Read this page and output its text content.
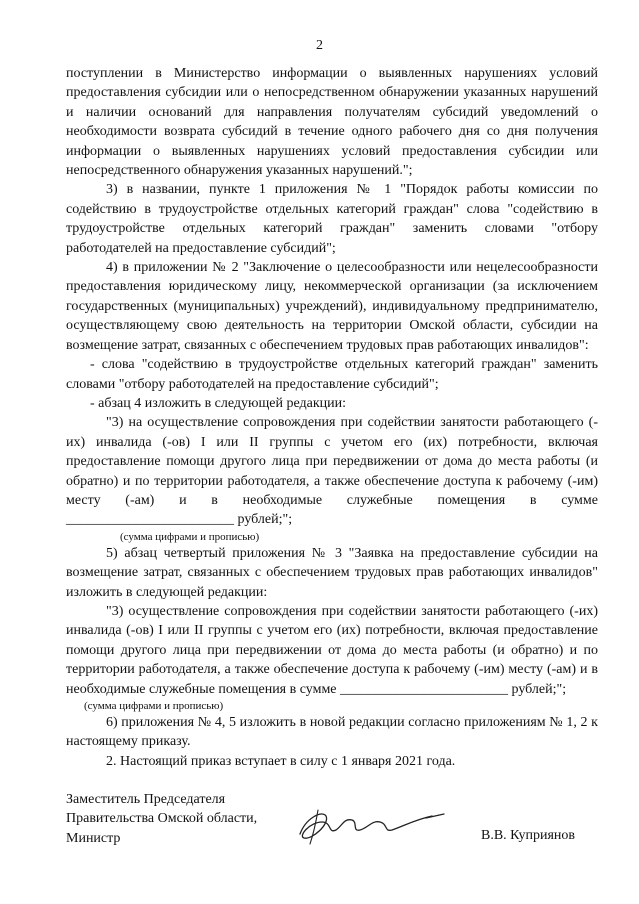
2

поступлении в Министерство информации о выявленных нарушениях условий предоставления субсидии или о непосредственном обнаружении указанных нарушений и наличии оснований для направления получателям субсидий уведомлений о необходимости возврата субсидий в течение одного рабочего дня со дня получения информации о выявленных нарушениях условий предоставления субсидии или непосредственного обнаружения указанных нарушений.";

3) в названии, пункте 1 приложения № 1 "Порядок работы комиссии по содействию в трудоустройстве отдельных категорий граждан" слова "содействию в трудоустройстве отдельных категорий граждан" заменить словами "отбору работодателей на предоставление субсидий";

4) в приложении № 2 "Заключение о целесообразности или нецелесообразности предоставления юридическому лицу, некоммерческой организации (за исключением государственных (муниципальных) учреждений), индивидуальному предпринимателю, осуществляющему свою деятельность на территории Омской области, субсидии на возмещение затрат, связанных с обеспечением трудовых прав работающих инвалидов":

- слова "содействию в трудоустройстве отдельных категорий граждан" заменить словами "отбору работодателей на предоставление субсидий";

- абзац 4 изложить в следующей редакции:

"3) на осуществление сопровождения при содействии занятости работающего (-их) инвалида (-ов) I или II группы с учетом его (их) потребности, включая предоставление помощи другого лица при передвижении от дома до места работы (и обратно) и по территории работодателя, а также обеспечение доступа к рабочему (-им) месту (-ам) и в необходимые служебные помещения в сумме ________________________ рублей;";

(сумма цифрами и прописью)

5) абзац четвертый приложения № 3 "Заявка на предоставление субсидии на возмещение затрат, связанных с обеспечением трудовых прав работающих инвалидов" изложить в следующей редакции:

"3) осуществление сопровождения при содействии занятости работающего (-их) инвалида (-ов) I или II группы с учетом его (их) потребности, включая предоставление помощи другого лица при передвижении от дома до места работы (и обратно) и по территории работодателя, а также обеспечение доступа к рабочему (-им) месту (-ам) и в необходимые служебные помещения в сумме ________________________ рублей;";

(сумма цифрами и прописью)

6) приложения № 4, 5 изложить в новой редакции согласно приложениям № 1, 2 к настоящему приказу.

2. Настоящий приказ вступает в силу с 1 января 2021 года.

Заместитель Председателя
Правительства Омской области,
Министр	В.В. Куприянов
